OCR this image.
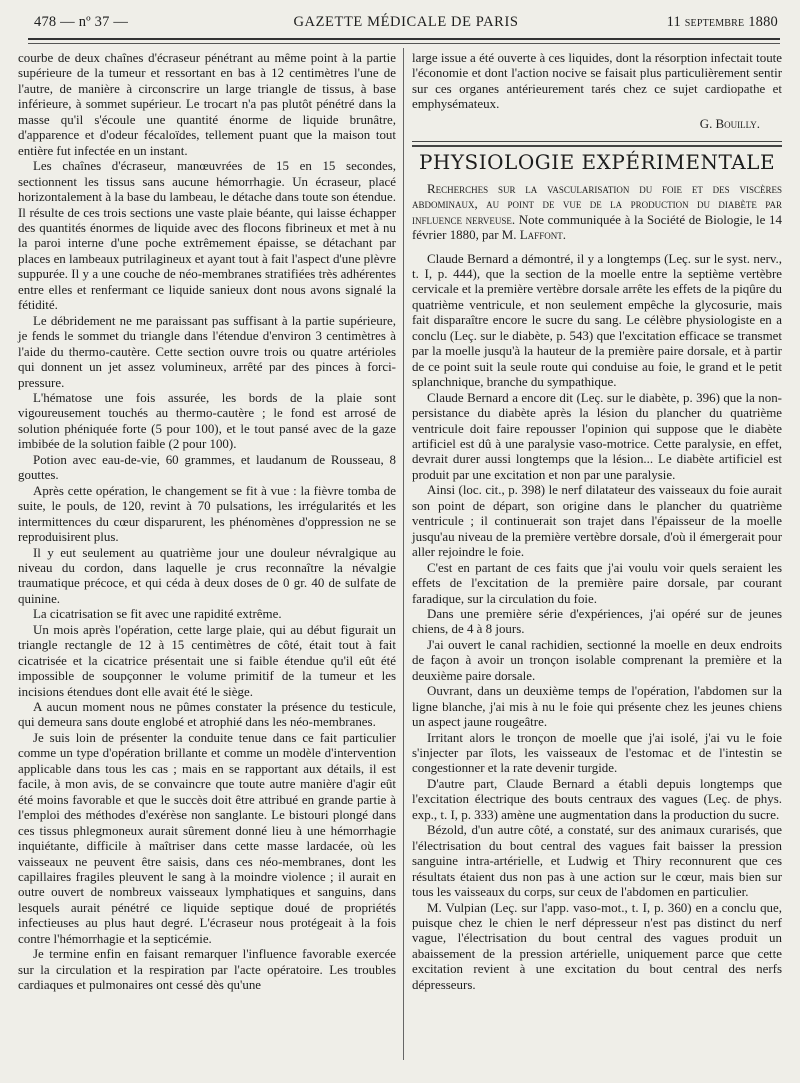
478 — nº 37 —	GAZETTE MÉDICALE DE PARIS	11 septembre 1880

courbe de deux chaînes d'écraseur pénétrant au même point à la partie supérieure de la tumeur et ressortant en bas à 12 centimètres l'une de l'autre, de manière à circonscrire un large triangle de tissus, à base inférieure, à sommet supérieur. Le trocart n'a pas plutôt pénétré dans la masse qu'il s'écoule une quantité énorme de liquide brunâtre, d'apparence et d'odeur fécaloïdes, tellement puant que la maison tout entière fut infectée en un instant.

Les chaînes d'écraseur, manœuvrées de 15 en 15 secondes, sectionnent les tissus sans aucune hémorrhagie. Un écraseur, placé horizontalement à la base du lambeau, le détache dans toute son étendue. Il résulte de ces trois sections une vaste plaie béante, qui laisse échapper des quantités énormes de liquide avec des flocons fibrineux et met à nu la paroi interne d'une poche extrêmement épaisse, se détachant par places en lambeaux putrilagineux et ayant tout à fait l'aspect d'une plèvre suppurée. Il y a une couche de néo-membranes stratifiées très adhérentes entre elles et renfermant ce liquide sanieux dont nous avons signalé la fétidité.

Le débridement ne me paraissant pas suffisant à la partie supérieure, je fends le sommet du triangle dans l'étendue d'environ 3 centimètres à l'aide du thermo-cautère. Cette section ouvre trois ou quatre artérioles qui donnent un jet assez volumineux, arrêté par des pinces à forci-pressure.

L'hématose une fois assurée, les bords de la plaie sont vigoureusement touchés au thermo-cautère ; le fond est arrosé de solution phéniquée forte (5 pour 100), et le tout pansé avec de la gaze imbibée de la solution faible (2 pour 100).

Potion avec eau-de-vie, 60 grammes, et laudanum de Rousseau, 8 gouttes.

Après cette opération, le changement se fit à vue : la fièvre tomba de suite, le pouls, de 120, revint à 70 pulsations, les irrégularités et les intermittences du cœur disparurent, les phénomènes d'oppression ne se reproduisirent plus.

Il y eut seulement au quatrième jour une douleur névralgique au niveau du cordon, dans laquelle je crus reconnaître la névalgie traumatique précoce, et qui céda à deux doses de 0 gr. 40 de sulfate de quinine.

La cicatrisation se fit avec une rapidité extrême.

Un mois après l'opération, cette large plaie, qui au début figurait un triangle rectangle de 12 à 15 centimètres de côté, était tout à fait cicatrisée et la cicatrice présentait une si faible étendue qu'il eût été impossible de soupçonner le volume primitif de la tumeur et les incisions étendues dont elle avait été le siège.

A aucun moment nous ne pûmes constater la présence du testicule, qui demeura sans doute englobé et atrophié dans les néo-membranes.

Je suis loin de présenter la conduite tenue dans ce fait particulier comme un type d'opération brillante et comme un modèle d'intervention applicable dans tous les cas ; mais en se rapportant aux détails, il est facile, à mon avis, de se convaincre que toute autre manière d'agir eût été moins favorable et que le succès doit être attribué en grande partie à l'emploi des méthodes d'exérèse non sanglante. Le bistouri plongé dans ces tissus phlegmoneux aurait sûrement donné lieu à une hémorrhagie inquiétante, difficile à maîtriser dans cette masse lardacée, où les vaisseaux ne peuvent être saisis, dans ces néo-membranes, dont les capillaires fragiles pleuvent le sang à la moindre violence ; il aurait en outre ouvert de nombreux vaisseaux lymphatiques et sanguins, dans lesquels aurait pénétré ce liquide septique doué de propriétés infectieuses au plus haut degré. L'écraseur nous protégeait à la fois contre l'hémorrhagie et la septicémie.

Je termine enfin en faisant remarquer l'influence favorable exercée sur la circulation et la respiration par l'acte opératoire. Les troubles cardiaques et pulmonaires ont cessé dès qu'une

large issue a été ouverte à ces liquides, dont la résorption infectait toute l'économie et dont l'action nocive se faisait plus particulièrement sentir sur ces organes antérieurement tarés chez ce sujet cardiopathe et emphysémateux.

G. Bouilly.
PHYSIOLOGIE EXPÉRIMENTALE

Recherches sur la vascularisation du foie et des viscères abdominaux, au point de vue de la production du diabète par influence nerveuse. Note communiquée à la Société de Biologie, le 14 février 1880, par M. Laffont.

Claude Bernard a démontré, il y a longtemps (Leç. sur le syst. nerv., t. I, p. 444), que la section de la moelle entre la septième vertèbre cervicale et la première vertèbre dorsale arrête les effets de la piqûre du quatrième ventricule, et non seulement empêche la glycosurie, mais fait disparaître encore le sucre du sang. Le célèbre physiologiste en a conclu (Leç. sur le diabète, p. 543) que l'excitation efficace se transmet par la moelle jusqu'à la hauteur de la première paire dorsale, et à partir de ce point suit la seule route qui conduise au foie, le grand et le petit splanchnique, branche du sympathique.

Claude Bernard a encore dit (Leç. sur le diabète, p. 396) que la non-persistance du diabète après la lésion du plancher du quatrième ventricule doit faire repousser l'opinion qui suppose que le diabète artificiel est dû à une paralysie vaso-motrice. Cette paralysie, en effet, devrait durer aussi longtemps que la lésion... Le diabète artificiel est produit par une excitation et non par une paralysie.

Ainsi (loc. cit., p. 398) le nerf dilatateur des vaisseaux du foie aurait son point de départ, son origine dans le plancher du quatrième ventricule ; il continuerait son trajet dans l'épaisseur de la moelle jusqu'au niveau de la première vertèbre dorsale, d'où il émergerait pour aller rejoindre le foie.

C'est en partant de ces faits que j'ai voulu voir quels seraient les effets de l'excitation de la première paire dorsale, par courant faradique, sur la circulation du foie.

Dans une première série d'expériences, j'ai opéré sur de jeunes chiens, de 4 à 8 jours.

J'ai ouvert le canal rachidien, sectionné la moelle en deux endroits de façon à avoir un tronçon isolable comprenant la première et la deuxième paire dorsale.

Ouvrant, dans un deuxième temps de l'opération, l'abdomen sur la ligne blanche, j'ai mis à nu le foie qui présente chez les jeunes chiens un aspect jaune rougeâtre.

Irritant alors le tronçon de moelle que j'ai isolé, j'ai vu le foie s'injecter par îlots, les vaisseaux de l'estomac et de l'intestin se congestionner et la rate devenir turgide.

D'autre part, Claude Bernard a établi depuis longtemps que l'excitation électrique des bouts centraux des vagues (Leç. de phys. exp., t. I, p. 333) amène une augmentation dans la production du sucre.

Bézold, d'un autre côté, a constaté, sur des animaux curarisés, que l'électrisation du bout central des vagues fait baisser la pression sanguine intra-artérielle, et Ludwig et Thiry reconnurent que ces résultats étaient dus non pas à une action sur le cœur, mais bien sur tous les vaisseaux du corps, sur ceux de l'abdomen en particulier.

M. Vulpian (Leç. sur l'app. vaso-mot., t. I, p. 360) en a conclu que, puisque chez le chien le nerf dépresseur n'est pas distinct du nerf vague, l'électrisation du bout central des vagues produit un abaissement de la pression artérielle, uniquement parce que cette excitation revient à une excitation du bout central des nerfs dépresseurs.
